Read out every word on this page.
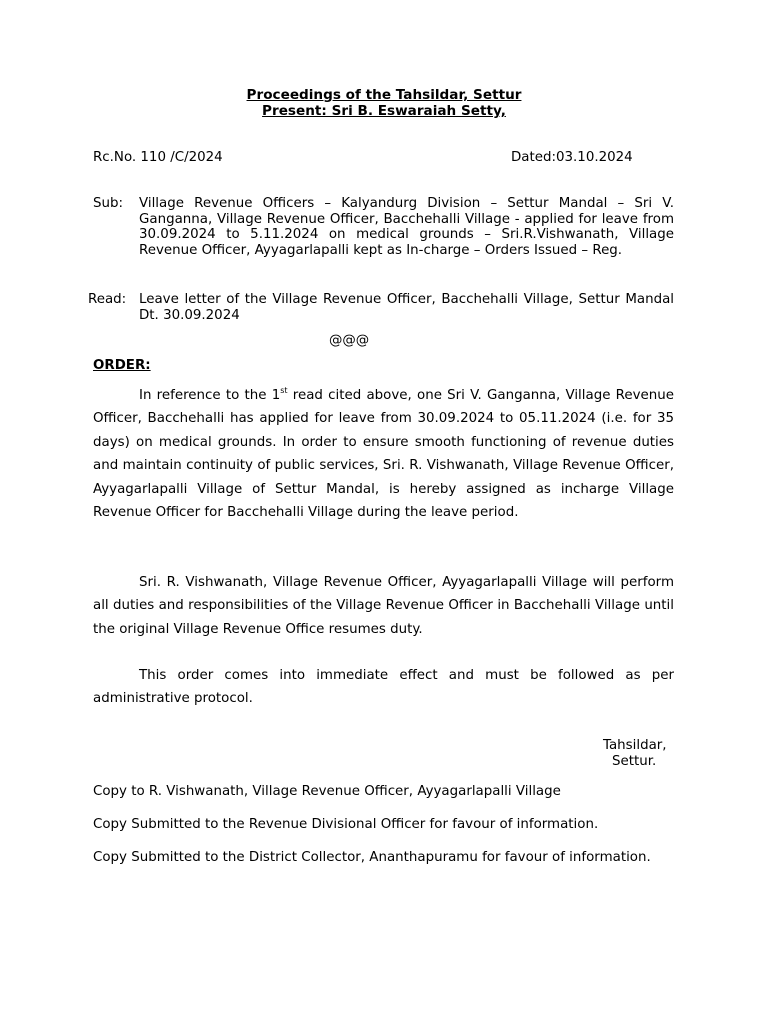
Proceedings of the Tahsildar, Settur
Present: Sri B. Eswaraiah Setty,
Rc.No. 110 /C/2024	Dated:03.10.2024
Sub: Village Revenue Officers – Kalyandurg Division – Settur Mandal – Sri V. Ganganna, Village Revenue Officer, Bacchehalli Village - applied for leave from 30.09.2024 to 5.11.2024 on medical grounds – Sri.R.Vishwanath, Village Revenue Officer, Ayyagarlapalli kept as In-charge – Orders Issued – Reg.
Read: Leave letter of the Village Revenue Officer, Bacchehalli Village, Settur Mandal Dt. 30.09.2024
@@@
ORDER:
In reference to the 1st read cited above, one Sri V. Ganganna, Village Revenue Officer, Bacchehalli has applied for leave from 30.09.2024 to 05.11.2024 (i.e. for 35 days) on medical grounds. In order to ensure smooth functioning of revenue duties and maintain continuity of public services, Sri. R. Vishwanath, Village Revenue Officer, Ayyagarlapalli Village of Settur Mandal, is hereby assigned as incharge Village Revenue Officer for Bacchehalli Village during the leave period.
Sri. R. Vishwanath, Village Revenue Officer, Ayyagarlapalli Village will perform all duties and responsibilities of the Village Revenue Officer in Bacchehalli Village until the original Village Revenue Office resumes duty.
This order comes into immediate effect and must be followed as per administrative protocol.
Tahsildar,
Settur.
Copy to R. Vishwanath, Village Revenue Officer, Ayyagarlapalli Village
Copy Submitted to the Revenue Divisional Officer for favour of information.
Copy Submitted to the District Collector, Ananthapuramu for favour of information.
